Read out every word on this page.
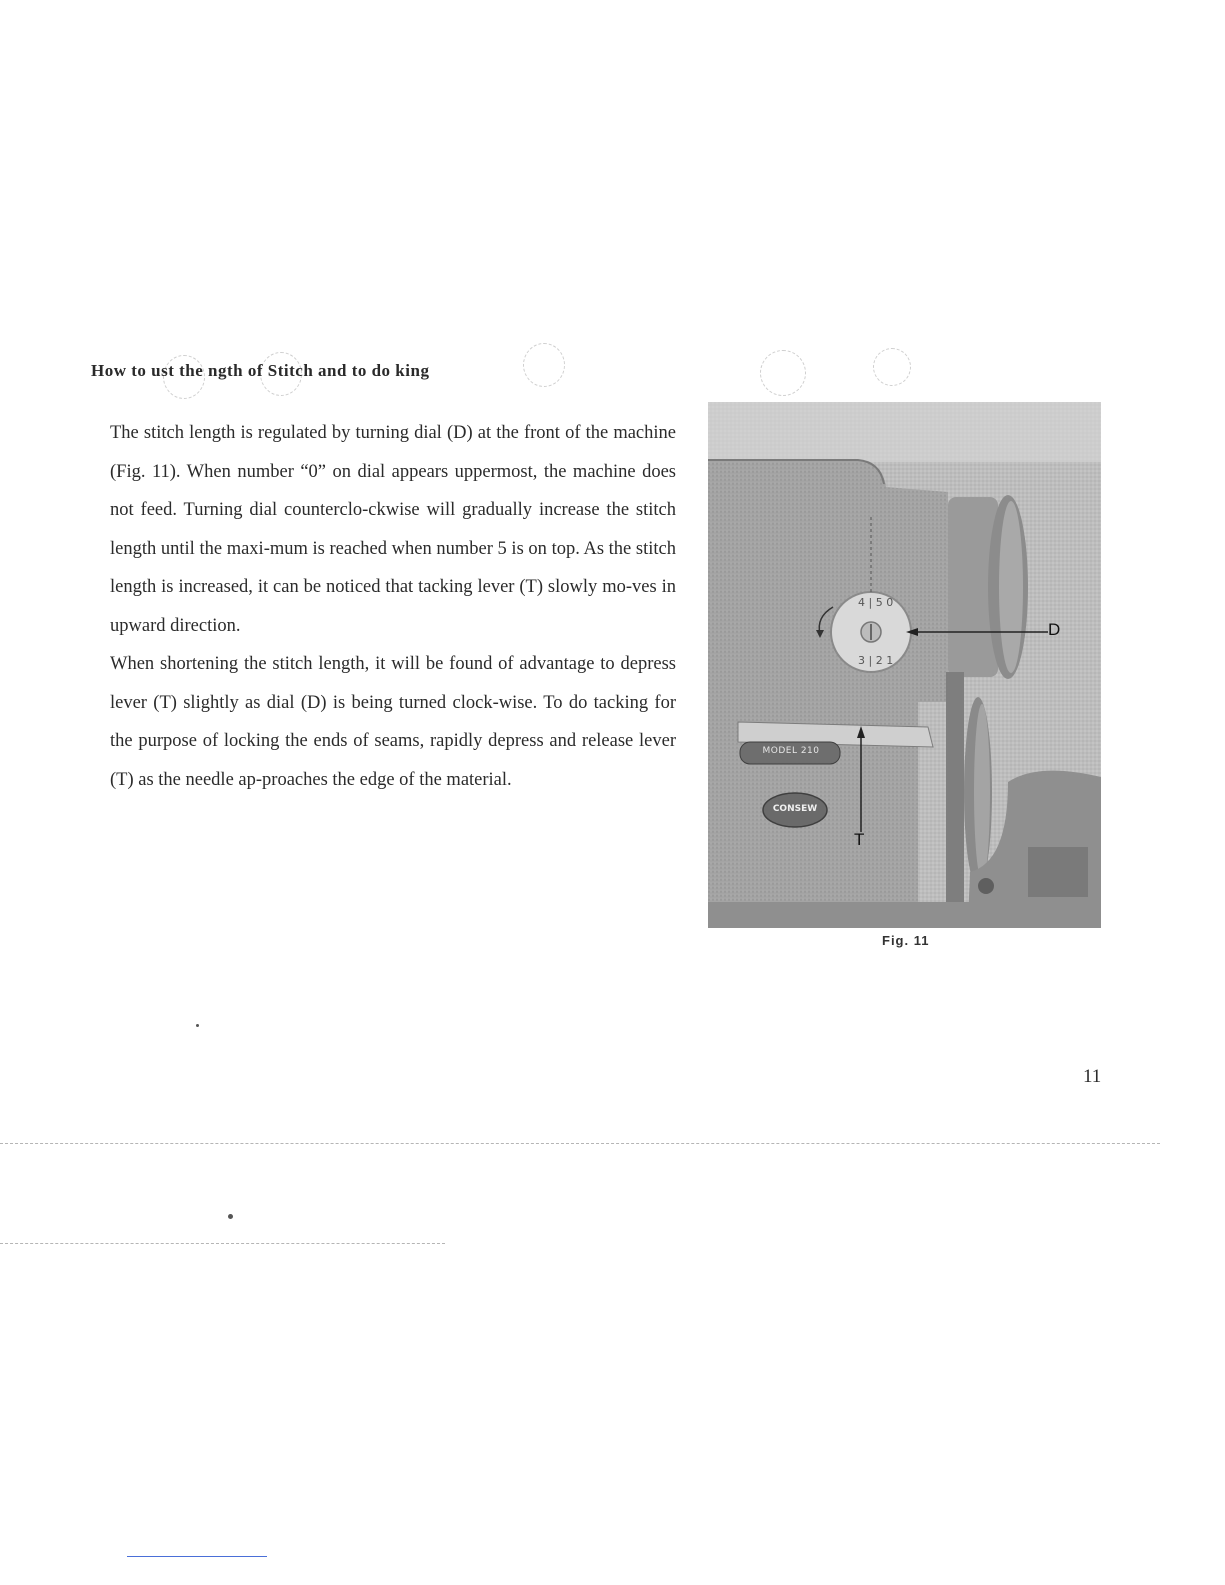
How to ust the ngth of Stitch and to do king

The stitch length is regulated by turning dial (D) at the front of the machine (Fig. 11). When number “0” on dial appears uppermost, the machine does not feed. Turning dial counterclo-ckwise will gradually increase the stitch length until the maxi-mum is reached when number 5 is on top. As the stitch length is increased, it can be noticed that tacking lever (T) slowly mo-ves in upward direction.

When shortening the stitch length, it will be found of advantage to depress lever (T) slightly as dial (D) is being turned clock-wise. To do tacking for the purpose of locking the ends of seams, rapidly depress and release lever (T) as the needle ap-proaches the edge of the material.

4 | 5 0
3 | 2 1
D
T
MODEL 210
CONSEW
Fig. 11
11
